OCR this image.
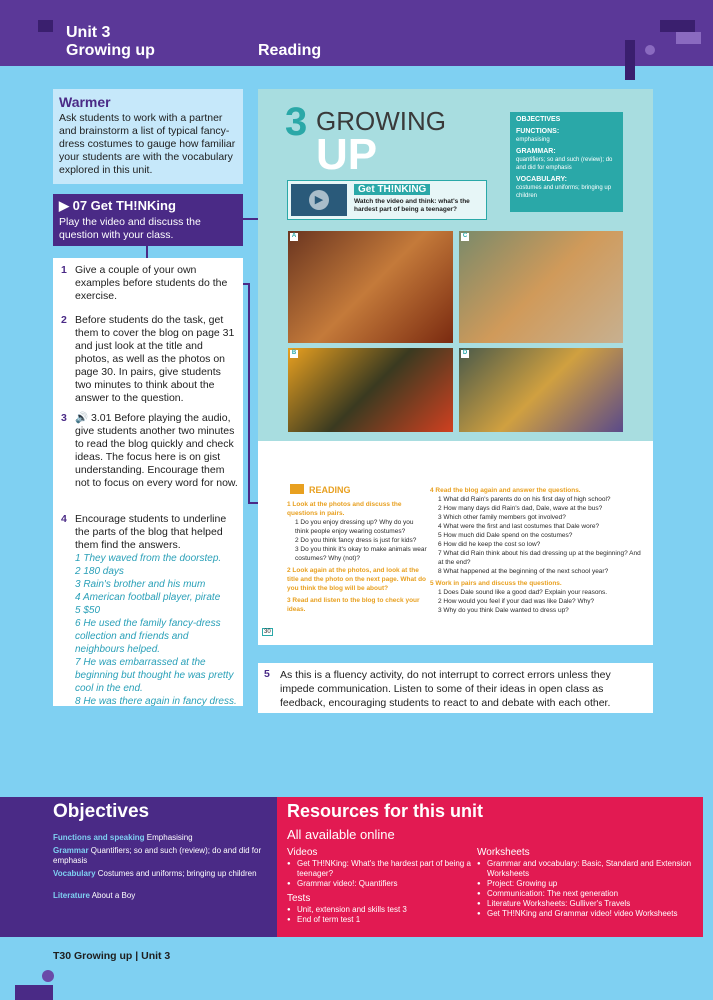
Unit 3
Growing up	Reading
Warmer

Ask students to work with a partner and brainstorm a list of typical fancy-dress costumes to gauge how familiar your students are with the vocabulary explored in this unit.

▶ 07 Get TH!NKing

Play the video and discuss the question with your class.

1 Give a couple of your own examples before students do the exercise.
2 Before students do the task, get them to cover the blog on page 31 and just look at the title and photos, as well as the photos on page 30. In pairs, give students two minutes to think about the answer to the question.
3 🔊 3.01 Before playing the audio, give students another two minutes to read the blog quickly and check ideas. The focus here is on gist understanding. Encourage them not to focus on every word for now.
4 Encourage students to underline the parts of the blog that helped them find the answers.
1 They waved from the doorstep.
2 180 days
3 Rain's brother and his mum
4 American football player, pirate
5 $50
6 He used the family fancy-dress collection and friends and neighbours helped.
7 He was embarrassed at the beginning but thought he was pretty cool in the end.
8 He was there again in fancy dress.
3 GROWING
UP
OBJECTIVES
FUNCTIONS:
emphasising
GRAMMAR:
quantifiers; so and such (review); do and did for emphasis
VOCABULARY:
costumes and uniforms; bringing up children
▶
Get TH!NKING
Watch the video and think: what's the hardest part of being a teenager?
A	C
B	D
READING
1 Look at the photos and discuss the questions in pairs.
1 Do you enjoy dressing up? Why do you think people enjoy wearing costumes?
2 Do you think fancy dress is just for kids?
3 Do you think it's okay to make animals wear costumes? Why (not)?
2 Look again at the photos, and look at the title and the photo on the next page. What do you think the blog will be about?
3 Read and listen to the blog to check your ideas.
30
4 Read the blog again and answer the questions.
1 What did Rain's parents do on his first day of high school?
2 How many days did Rain's dad, Dale, wave at the bus?
3 Which other family members got involved?
4 What were the first and last costumes that Dale wore?
5 How much did Dale spend on the costumes?
6 How did he keep the cost so low?
7 What did Rain think about his dad dressing up at the beginning? And at the end?
8 What happened at the beginning of the next school year?
5 Work in pairs and discuss the questions.
1 Does Dale sound like a good dad? Explain your reasons.
2 How would you feel if your dad was like Dale? Why?
3 Why do you think Dale wanted to dress up?
5 As this is a fluency activity, do not interrupt to correct errors unless they impede communication. Listen to some of their ideas in open class as feedback, encouraging students to react to and debate with each other.

Objectives

Functions and speaking Emphasising

Grammar Quantifiers; so and such (review); do and did for emphasis

Vocabulary Costumes and uniforms; bringing up children

Literature About a Boy

Resources for this unit
All available online
Videos
● Get TH!NKing: What's the hardest part of being a teenager?
● Grammar video!: Quantifiers
Tests
● Unit, extension and skills test 3
● End of term test 1
Worksheets
● Grammar and vocabulary: Basic, Standard and Extension Worksheets
● Project: Growing up
● Communication: The next generation
● Literature Worksheets: Gulliver's Travels
● Get TH!NKing and Grammar video! video Worksheets
T30 Growing up | Unit 3
